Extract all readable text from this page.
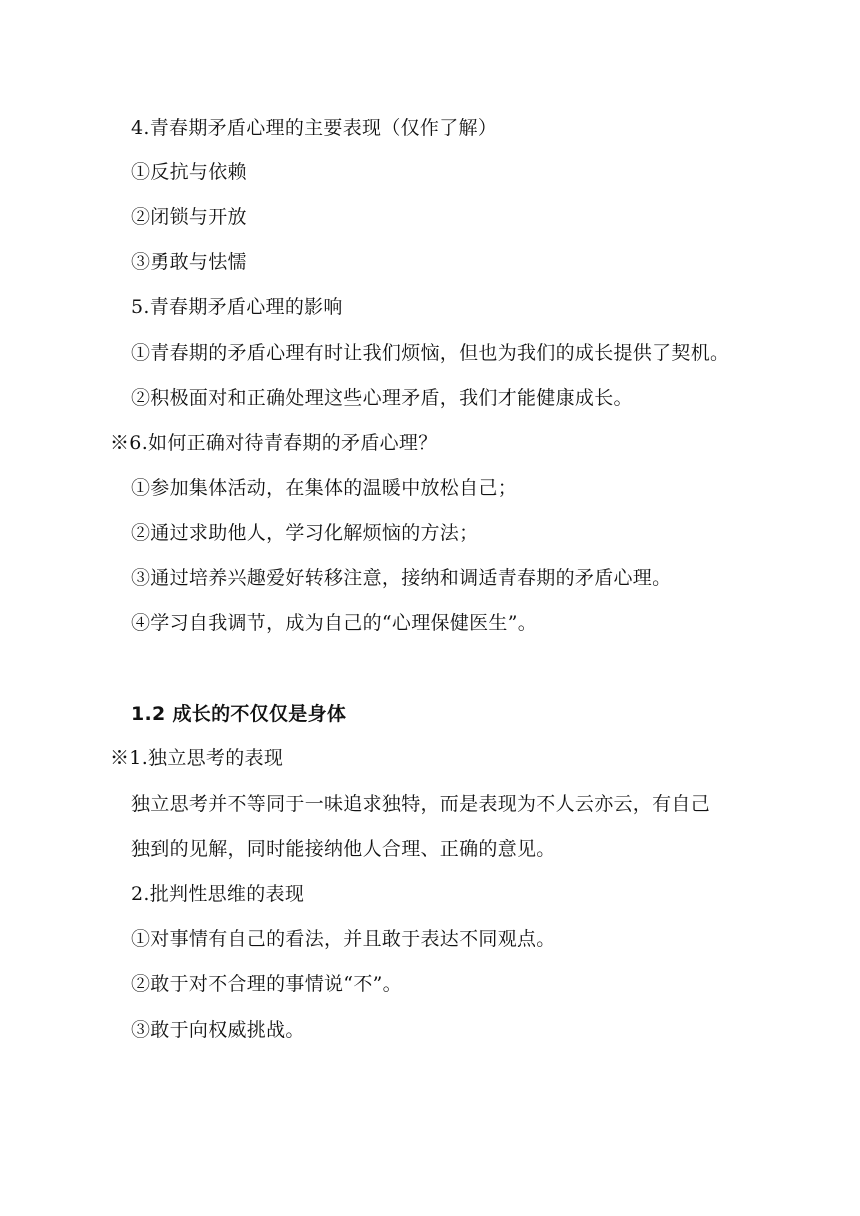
4.青春期矛盾心理的主要表现（仅作了解）
①反抗与依赖
②闭锁与开放
③勇敢与怯懦
5.青春期矛盾心理的影响
①青春期的矛盾心理有时让我们烦恼，但也为我们的成长提供了契机。
②积极面对和正确处理这些心理矛盾，我们才能健康成长。
※6.如何正确对待青春期的矛盾心理？
①参加集体活动，在集体的温暖中放松自己；
②通过求助他人，学习化解烦恼的方法；
③通过培养兴趣爱好转移注意，接纳和调适青春期的矛盾心理。
④学习自我调节，成为自己的“心理保健医生”。
1.2 成长的不仅仅是身体
※1.独立思考的表现
独立思考并不等同于一味追求独特，而是表现为不人云亦云，有自己
独到的见解，同时能接纳他人合理、正确的意见。
2.批判性思维的表现
①对事情有自己的看法，并且敢于表达不同观点。
②敢于对不合理的事情说“不”。
③敢于向权威挑战。
